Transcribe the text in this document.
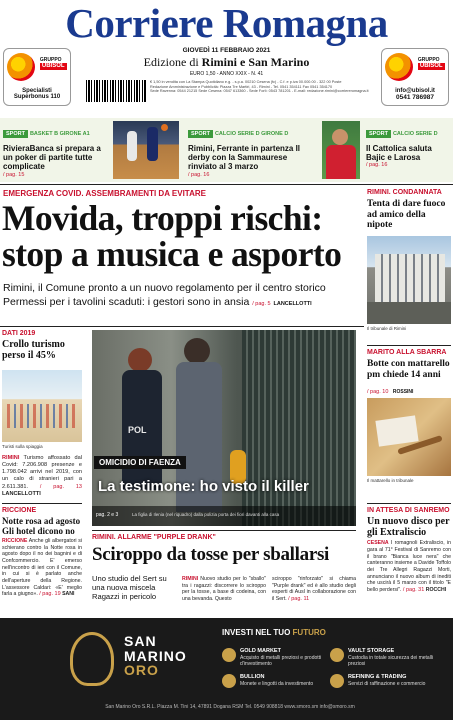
Corriere Romagna
GIOVEDÌ 11 FEBBRAIO 2021
Edizione di Rimini e San Marino
EURO 1,50 - ANNO XXIX - N. 41
€ 1,50 in vendita con La Stampa Quotidiano e.g. - s.p.a. 00210 Cesena (fc) - C.f. e p.iva 00.000.00 - 322 00 Poste
Redazione Amministrazione e Pubblicità: Piazza Tre Martiri, 43 - Rimini - Tel. 0541 354111 Fax 0541 354170
Sede Ravenna: 0544 21215 Sede Cesena: 0547 613360 - Sede Forlì: 0543 781201 - E-mail: redazione.rimini@corriereromagna.it
GRUPPO
UBISOL
Specialisti
Superbonus 110
GRUPPO
UBISOL
info@ubisol.it
0541 786987
SPORT BASKET B GIRONE A1
RivieraBanca si prepara a un poker di partite tutte complicate
/ pag. 15
SPORT CALCIO SERIE D GIRONE D
Rimini, Ferrante in partenza Il derby con la Sammaurese rinviato al 3 marzo
/ pag. 16
SPORT CALCIO SERIE D
Il Cattolica saluta Bajic e Larosa
/ pag. 16
EMERGENZA COVID. ASSEMBRAMENTI DA EVITARE
Movida, troppi rischi:
stop a musica e asporto
Rimini, il Comune pronto a un nuovo regolamento per il centro storico
Permessi per i tavolini scaduti: i gestori sono in ansia / pag. 5 LANCELLOTTI
RIMINI. CONDANNATA
Tenta di dare fuoco ad amico della nipote
Il tribunale di Rimini
DATI 2019
Crollo turismo perso il 45%
Turisti sulla spiaggia
RIMINI Turismo affossato dal Covid: 7.206.908 presenze e 1.798.042 arrivi nel 2019, con un calo di stranieri pari a 2.611.381. / pag. 13 LANCELLOTTI
RICCIONE
Notte rosa ad agosto Gli hotel dicono no
RICCIONE Anche gli albergatori si schierano contro la Notte rosa in agosto dopo il no dei bagnini e di Confcommercio. E' emerso nell'incontro di ieri con il Comune, in cui si è parlato anche dell'aperture della Regione. L'assessore Caldari: «E' meglio farla a giugno». / pag. 19 SANI
POL
OMICIDIO DI FAENZA
La testimone: ho visto il killer
pag. 2 e 3	La figlia di Ilenia (nel riquadro) dalla polizia porta dei fiori davanti alla casa
MARITO ALLA SBARRA
Botte con mattarello pm chiede 14 anni
/ pag. 10 ROSSINI
Il mattarello in tribunale
IN ATTESA DI SANREMO
Un nuovo disco per gli Extraliscio
CESENA I romagnoli Extraliscio, in gara al 71° Festival di Sanremo con il brano "Bianca luce nera" che canteranno insieme a Davide Toffolo dei Tre Allegri Ragazzi Morti, annunciano il nuovo album di inediti che uscirà il 5 marzo con il titolo "E bello perdersi". / pag. 31 ROCCHI
RIMINI. ALLARME "PURPLE DRANK"
Sciroppo da tosse per sballarsi
Uno studio del Sert su una nuova miscela Ragazzi in pericolo
RIMINI Nuovo studio per lo "sballo" tra i ragazzi: discorrere lo sciroppo per la tosse, a base di codeina, con una bevanda. Questo
sciroppo "rinforzato" si chiama "Purple drank" ed è allo studio degli esperti di Ausl in collaborazione con il Sert. / pag. 11
SAN
MARINO
ORO
INVESTI NEL TUO FUTURO
GOLD MARKET
Acquisto di metalli preziosi e prodotti d'investimento
VAULT STORAGE
Custodia in totale sicurezza dei metalli preziosi
BULLION
Monete e lingotti da investimento
REFINING & TRADING
Servizi di raffinazione e commercio
San Marino Oro S.R.L. Piazza M. Tini 14, 47891 Dogana RSM Tel. 0549 908818 www.smoro.sm info@smoro.sm
